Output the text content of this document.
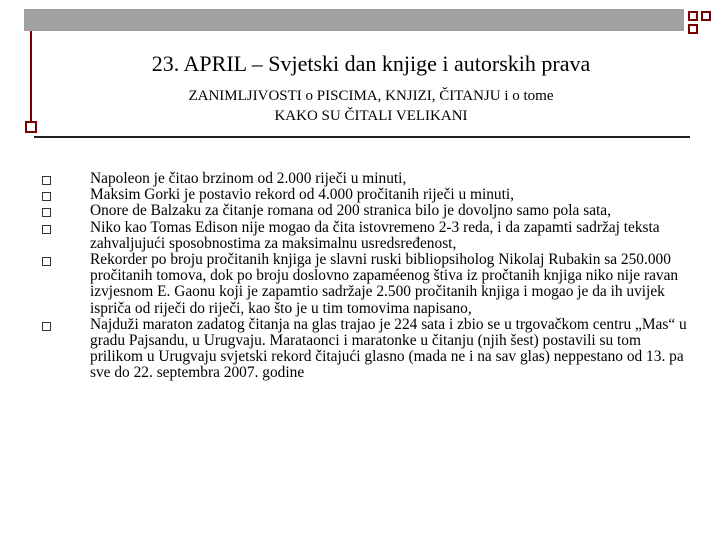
23. APRIL – Svjetski dan knjige i autorskih prava
ZANIMLJIVOSTI o PISCIMA, KNJIZI, ČITANJU i o tome
KAKO SU ČITALI VELIKANI
Napoleon je čitao brzinom od 2.000 riječi u minuti,
Maksim Gorki je postavio rekord od 4.000 pročitanih riječi u minuti,
Onore de Balzaku za čitanje romana od 200 stranica bilo je dovoljno samo pola sata,
Niko kao Tomas Edison nije mogao da čita istovremeno 2-3 reda, i da zapamti sadržaj teksta zahvaljujući sposobnostima za maksimalnu usredsređenost,
Rekorder po broju pročitanih knjiga je slavni ruski bibliopsiholog Nikolaj Rubakin sa 250.000 pročitanih tomova, dok po broju doslovno zapaméenog štiva iz pročtanih knjiga niko nije ravan izvjesnom E. Gaonu koji je zapamtio sadržaje 2.500 pročitanih knjiga i mogao je da ih uvijek ispriča od riječi do riječi, kao što je u tim tomovima napisano,
Najduži maraton zadatog čitanja na glas trajao je 224 sata i zbio se u trgovačkom centru „Mas“ u gradu Pajsandu, u Urugvaju. Marataonci i maratonke u čitanju (njih šest) postavili su tom prilikom u Urugvaju svjetski rekord čitajući glasno (mada ne i na sav glas) nepрestano od 13. pa sve do 22. septembra 2007. godine
